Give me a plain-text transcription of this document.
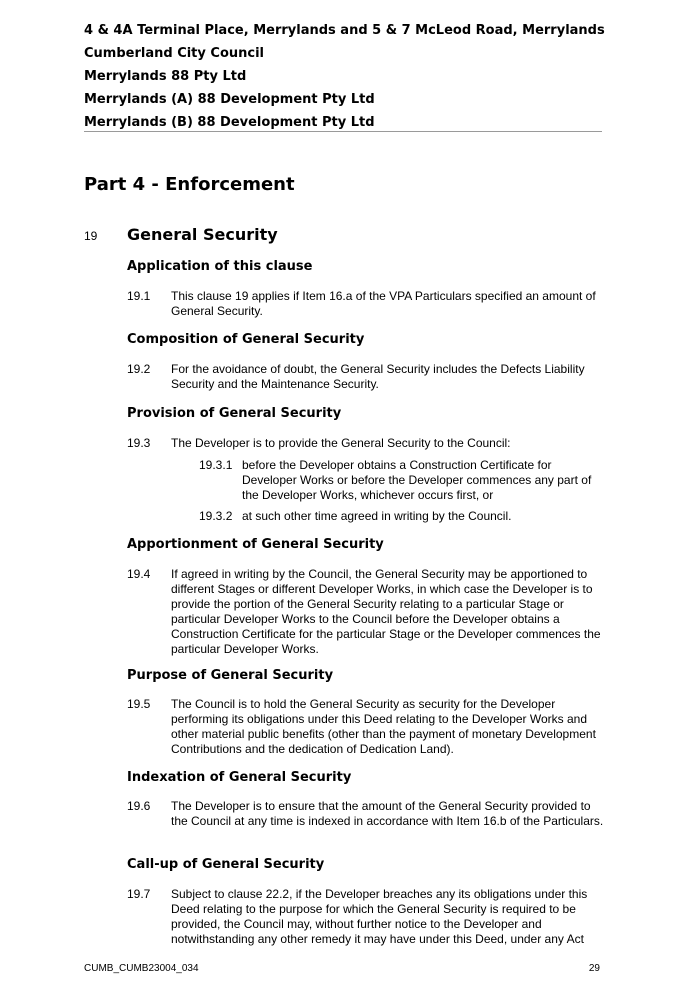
4 & 4A Terminal Place, Merrylands and 5 & 7 McLeod Road, Merrylands
Cumberland City Council
Merrylands 88 Pty Ltd
Merrylands (A) 88 Development Pty Ltd
Merrylands (B) 88 Development Pty Ltd
Part 4 - Enforcement
19 General Security
Application of this clause
19.1 This clause 19 applies if Item 16.a of the VPA Particulars specified an amount of General Security.
Composition of General Security
19.2 For the avoidance of doubt, the General Security includes the Defects Liability Security and the Maintenance Security.
Provision of General Security
19.3 The Developer is to provide the General Security to the Council:
19.3.1 before the Developer obtains a Construction Certificate for Developer Works or before the Developer commences any part of the Developer Works, whichever occurs first, or
19.3.2 at such other time agreed in writing by the Council.
Apportionment of General Security
19.4 If agreed in writing by the Council, the General Security may be apportioned to different Stages or different Developer Works, in which case the Developer is to provide the portion of the General Security relating to a particular Stage or particular Developer Works to the Council before the Developer obtains a Construction Certificate for the particular Stage or the Developer commences the particular Developer Works.
Purpose of General Security
19.5 The Council is to hold the General Security as security for the Developer performing its obligations under this Deed relating to the Developer Works and other material public benefits (other than the payment of monetary Development Contributions and the dedication of Dedication Land).
Indexation of General Security
19.6 The Developer is to ensure that the amount of the General Security provided to the Council at any time is indexed in accordance with Item 16.b of the Particulars.
Call-up of General Security
19.7 Subject to clause 22.2, if the Developer breaches any its obligations under this Deed relating to the purpose for which the General Security is required to be provided, the Council may, without further notice to the Developer and notwithstanding any other remedy it may have under this Deed, under any Act
CUMB_CUMB23004_034	29
